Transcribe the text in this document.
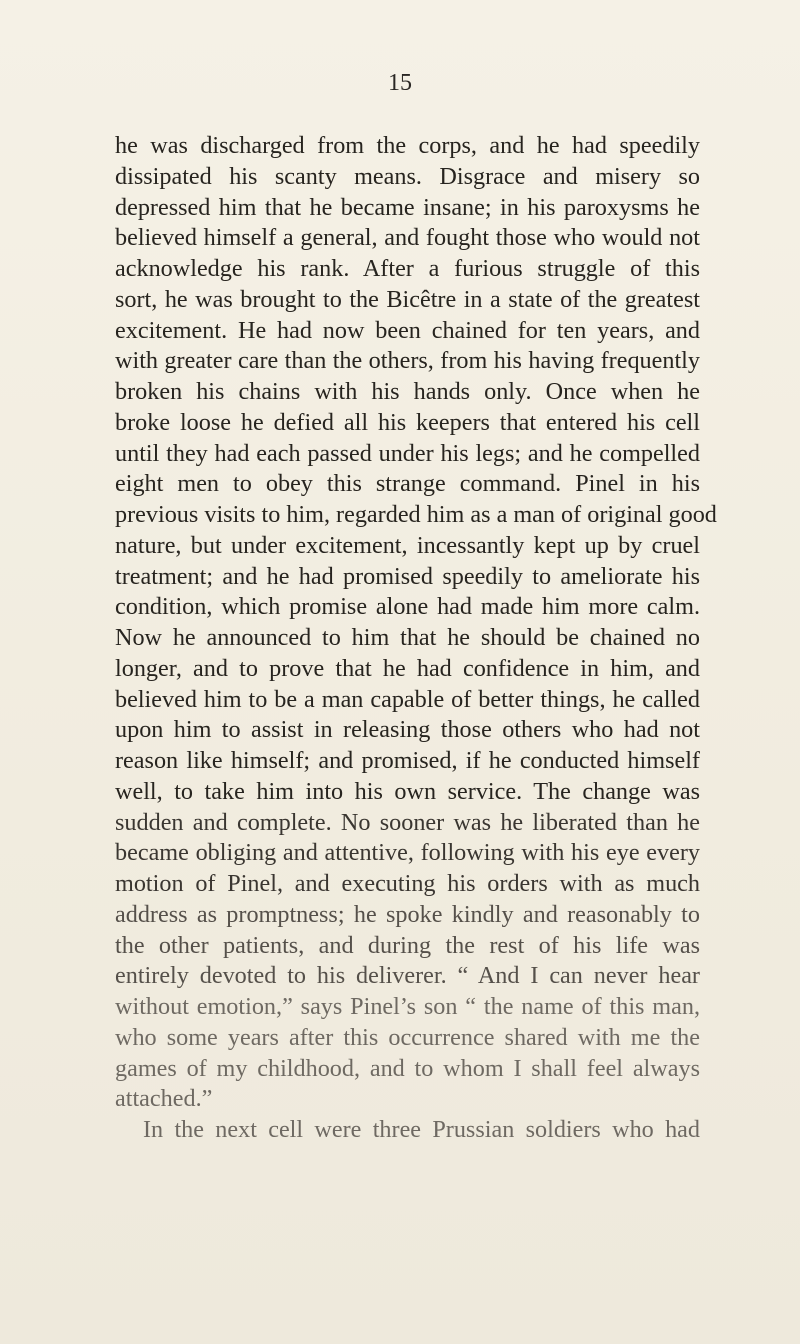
15
he was discharged from the corps, and he had speedily
dissipated his scanty means. Disgrace and misery so
depressed him that he became insane; in his paroxysms he
believed himself a general, and fought those who would not
acknowledge his rank. After a furious struggle of this
sort, he was brought to the Bicêtre in a state of the greatest
excitement. He had now been chained for ten years, and
with greater care than the others, from his having frequently
broken his chains with his hands only. Once when he
broke loose he defied all his keepers that entered his cell
until they had each passed under his legs; and he compelled
eight men to obey this strange command. Pinel in his
previous visits to him, regarded him as a man of original good
nature, but under excitement, incessantly kept up by cruel
treatment; and he had promised speedily to ameliorate his
condition, which promise alone had made him more calm.
Now he announced to him that he should be chained no
longer, and to prove that he had confidence in him, and
believed him to be a man capable of better things, he called
upon him to assist in releasing those others who had not
reason like himself; and promised, if he conducted himself
well, to take him into his own service. The change was
sudden and complete. No sooner was he liberated than he
became obliging and attentive, following with his eye every
motion of Pinel, and executing his orders with as much
address as promptness; he spoke kindly and reasonably to
the other patients, and during the rest of his life was
entirely devoted to his deliverer. “ And I can never hear
without emotion,” says Pinel’s son “ the name of this man,
who some years after this occurrence shared with me the
games of my childhood, and to whom I shall feel always
attached.”
In the next cell were three Prussian soldiers who had
